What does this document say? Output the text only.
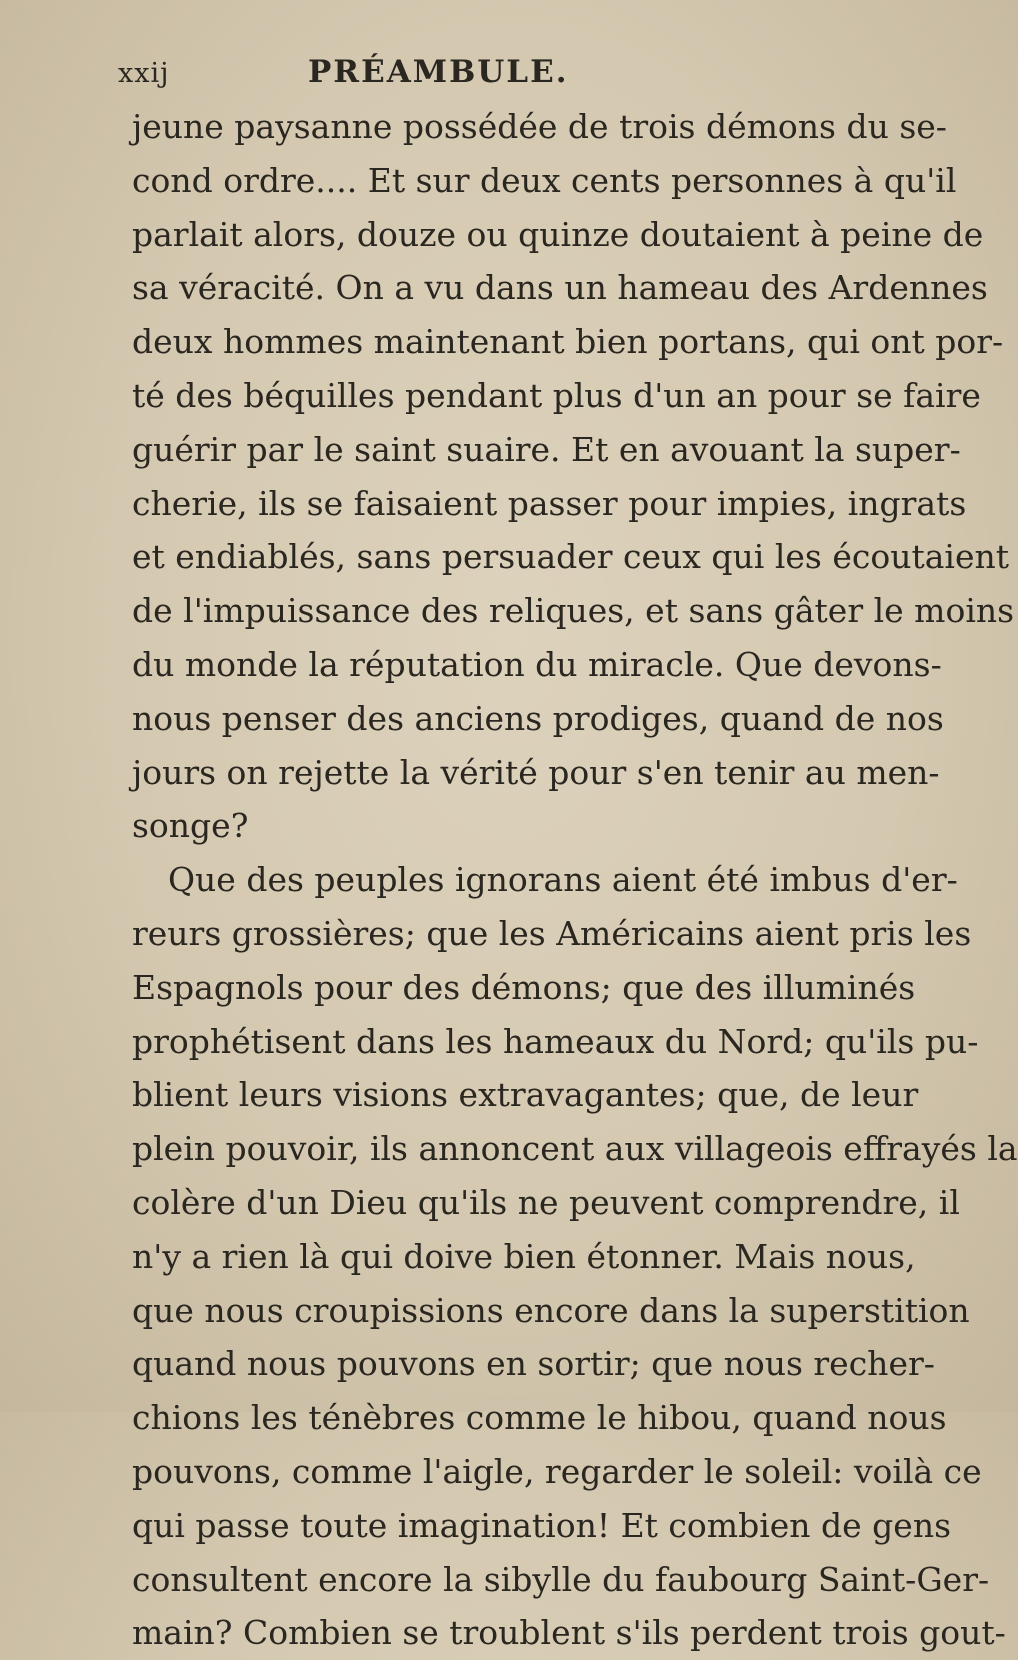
xxij	PRÉAMBULE.
jeune paysanne possédée de trois démons du se-
cond ordre.... Et sur deux cents personnes à qu'il
parlait alors, douze ou quinze doutaient à peine de
sa véracité. On a vu dans un hameau des Ardennes
deux hommes maintenant bien portans, qui ont por-
té des béquilles pendant plus d'un an pour se faire
guérir par le saint suaire. Et en avouant la super-
cherie, ils se faisaient passer pour impies, ingrats
et endiablés, sans persuader ceux qui les écoutaient
de l'impuissance des reliques, et sans gâter le moins
du monde la réputation du miracle. Que devons-
nous penser des anciens prodiges, quand de nos
jours on rejette la vérité pour s'en tenir au men-
songe?
Que des peuples ignorans aient été imbus d'er-
reurs grossières; que les Américains aient pris les
Espagnols pour des démons; que des illuminés
prophétisent dans les hameaux du Nord; qu'ils pu-
blient leurs visions extravagantes; que, de leur
plein pouvoir, ils annoncent aux villageois effrayés la
colère d'un Dieu qu'ils ne peuvent comprendre, il
n'y a rien là qui doive bien étonner. Mais nous,
que nous croupissions encore dans la superstition
quand nous pouvons en sortir; que nous recher-
chions les ténèbres comme le hibou, quand nous
pouvons, comme l'aigle, regarder le soleil: voilà ce
qui passe toute imagination! Et combien de gens
consultent encore la sibylle du faubourg Saint-Ger-
main? Combien se troublent s'ils perdent trois gout-
